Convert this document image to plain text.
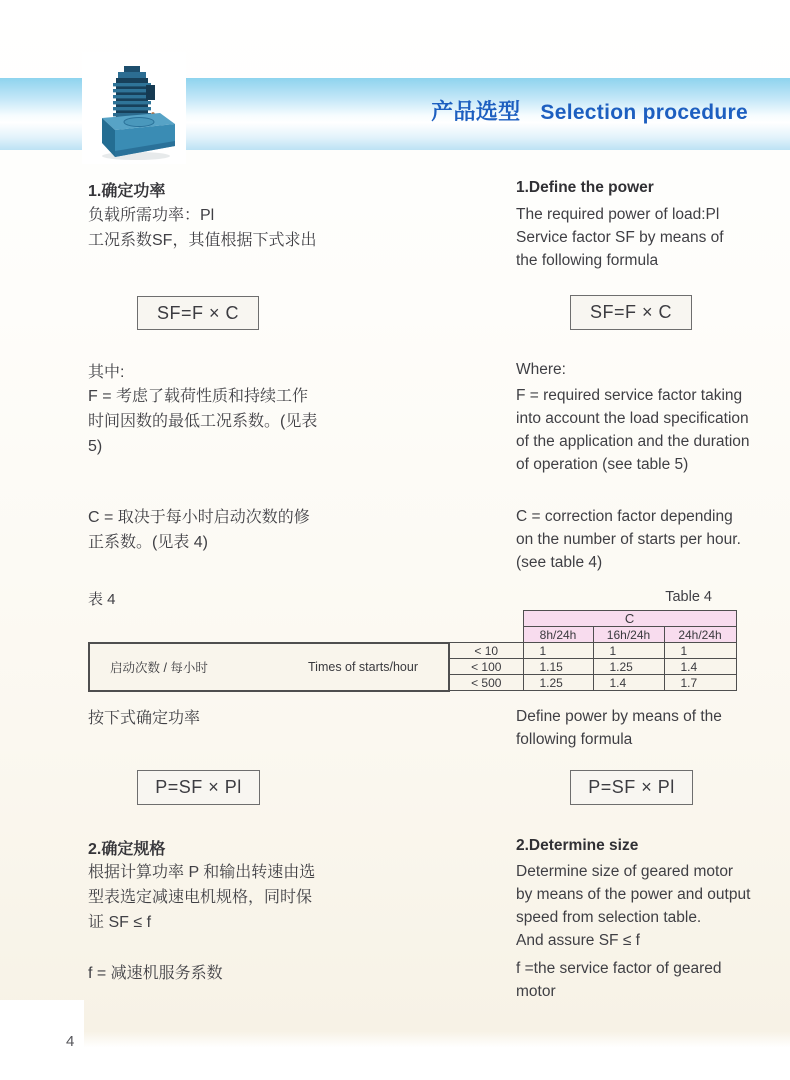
产品选型 Selection procedure
1.确定功率
负载所需功率：Pl
工况系数SF，其值根据下式求出
SF=F × C
其中:
F = 考虑了载荷性质和持续工作
时间因数的最低工况系数。(见表
5)
C = 取决于每小时启动次数的修
正系数。(见表 4)
表 4	Table 4
		C		
		8h/24h	16h/24h	24h/24h

启动次数 / 每小时 Times of starts/hour	< 10	1	1	1
	< 100	1.15	1.25	1.4
	< 500	1.25	1.4	1.7
按下式确定功率
P=SF × Pl
2.确定规格
根据计算功率 P 和输出转速由选
型表选定减速电机规格，同时保
证 SF ≤ f
f = 减速机服务系数
1.Define the power
The required power of load:Pl
Service factor SF by means of
the following formula
SF=F × C
Where:
F = required service factor taking
into account the load specification
of the application and the duration
of operation (see table 5)
C = correction factor depending
on the number of starts per hour.
(see table 4)
Define power by means of the
following formula
P=SF × Pl
2.Determine size
Determine size of geared motor
by means of the power and output
speed from selection table.
And assure SF ≤ f
f =the service factor of geared
motor
4
